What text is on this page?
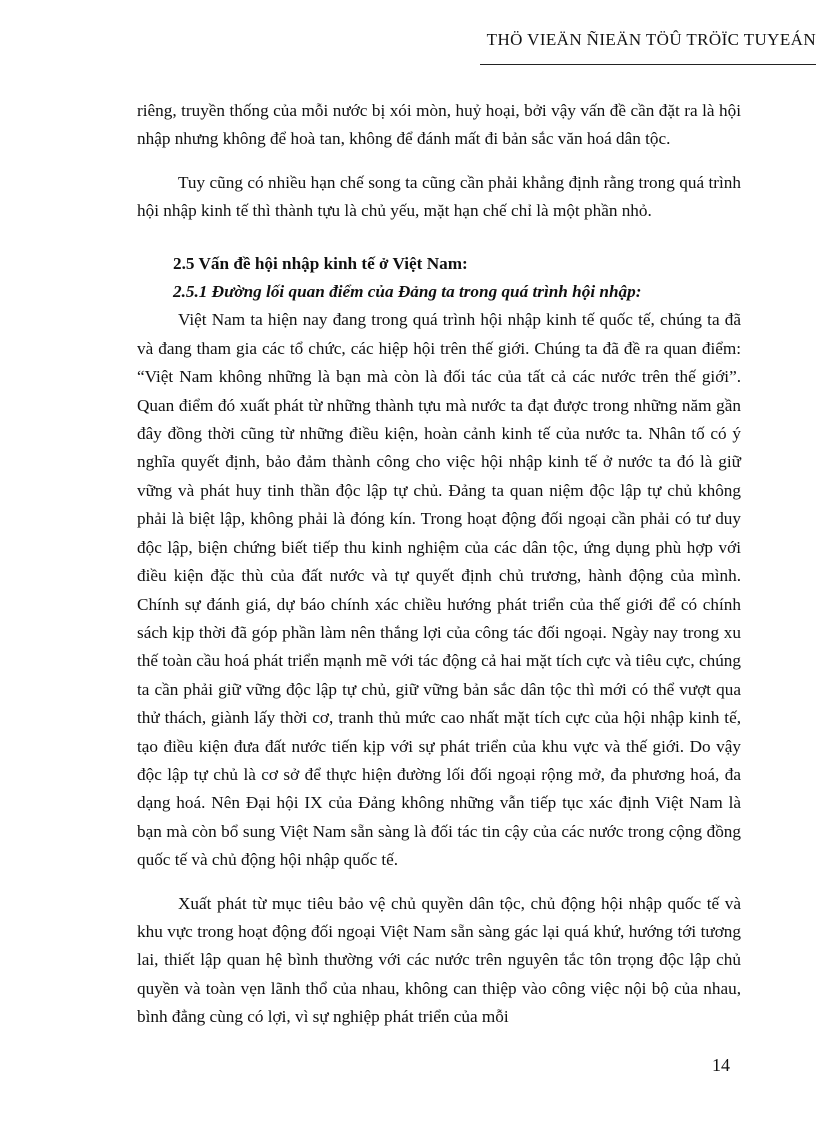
THÖ VIEÄN ÑIEÄN TÖÛ TRÖÏC TUYEÁN

riêng, truyền thống của mỗi nước bị xói mòn, huỷ hoại, bởi vậy vấn đề cần đặt ra là hội nhập nhưng không để hoà tan, không để đánh mất đi bản sắc văn hoá dân tộc.

Tuy cũng có nhiều hạn chế song ta cũng cần phải khẳng định rằng trong quá trình hội nhập kinh tế thì thành tựu là chủ yếu, mặt hạn chế chỉ là một phần nhỏ.

2.5 Vấn đề hội nhập kinh tế ở Việt Nam:

2.5.1 Đường lối quan điểm của Đảng ta trong quá trình hội nhập:

Việt Nam ta hiện nay đang trong quá trình hội nhập kinh tế quốc tế, chúng ta đã và đang tham gia các tổ chức, các hiệp hội trên thế giới. Chúng ta đã đề ra quan điểm: “Việt Nam không những là bạn mà còn là đối tác của tất cả các nước trên thế giới”. Quan điểm đó xuất phát từ những thành tựu mà nước ta đạt được trong những năm gần đây đồng thời cũng từ những điều kiện, hoàn cảnh kinh tế của nước ta. Nhân tố có ý nghĩa quyết định, bảo đảm thành công cho việc hội nhập kinh tế ở nước ta đó là giữ vững và phát huy tinh thần độc lập tự chủ. Đảng ta quan niệm độc lập tự chủ không phải là biệt lập, không phải là đóng kín. Trong hoạt động đối ngoại cần phải có tư duy độc lập, biện chứng biết tiếp thu kinh nghiệm của các dân tộc, ứng dụng phù hợp với điều kiện đặc thù của đất nước và tự quyết định chủ trương, hành động của mình. Chính sự đánh giá, dự báo chính xác chiều hướng phát triển của thế giới để có chính sách kịp thời đã góp phần làm nên thắng lợi của công tác đối ngoại. Ngày nay trong xu thế toàn cầu hoá phát triển mạnh mẽ với tác động cả hai mặt tích cực và tiêu cực, chúng ta cần phải giữ vững độc lập tự chủ, giữ vững bản sắc dân tộc thì mới có thể vượt qua thử thách, giành lấy thời cơ, tranh thủ mức cao nhất mặt tích cực của hội nhập kinh tế, tạo điều kiện đưa đất nước tiến kịp với sự phát triển của khu vực và thế giới. Do vậy độc lập tự chủ là cơ sở để thực hiện đường lối đối ngoại rộng mở, đa phương hoá, đa dạng hoá. Nên Đại hội IX của Đảng không những vẫn tiếp tục xác định Việt Nam là bạn mà còn bổ sung Việt Nam sẵn sàng là đối tác tin cậy của các nước trong cộng đồng quốc tế và chủ động hội nhập quốc tế.

Xuất phát từ mục tiêu bảo vệ chủ quyền dân tộc, chủ động hội nhập quốc tế và khu vực trong hoạt động đối ngoại Việt Nam sẵn sàng gác lại quá khứ, hướng tới tương lai, thiết lập quan hệ bình thường với các nước trên nguyên tắc tôn trọng độc lập chủ quyền và toàn vẹn lãnh thổ của nhau, không can thiệp vào công việc nội bộ của nhau, bình đẳng cùng có lợi, vì sự nghiệp phát triển của mỗi

14
